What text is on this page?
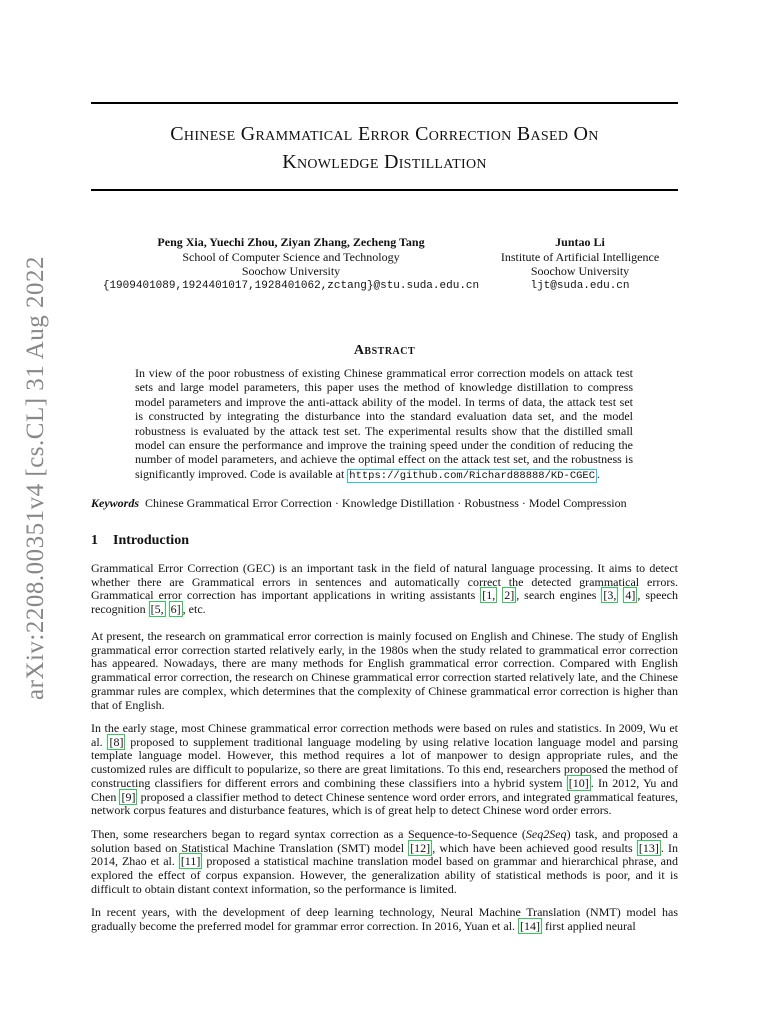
arXiv:2208.00351v4 [cs.CL] 31 Aug 2022
Chinese Grammatical Error Correction Based On
Knowledge Distillation
Peng Xia, Yuechi Zhou, Ziyan Zhang, Zecheng Tang
School of Computer Science and Technology
Soochow University
{1909401089,1924401017,1928401062,zctang}@stu.suda.edu.cn
Juntao Li
Institute of Artificial Intelligence
Soochow University
ljt@suda.edu.cn
Abstract
In view of the poor robustness of existing Chinese grammatical error correction models on attack test sets and large model parameters, this paper uses the method of knowledge distillation to compress model parameters and improve the anti-attack ability of the model. In terms of data, the attack test set is constructed by integrating the disturbance into the standard evaluation data set, and the model robustness is evaluated by the attack test set. The experimental results show that the distilled small model can ensure the performance and improve the training speed under the condition of reducing the number of model parameters, and achieve the optimal effect on the attack test set, and the robustness is significantly improved. Code is available at https://github.com/Richard88888/KD-CGEC .
Keywords Chinese Grammatical Error Correction · Knowledge Distillation · Robustness · Model Compression
1 Introduction
Grammatical Error Correction (GEC) is an important task in the field of natural language processing. It aims to detect whether there are Grammatical errors in sentences and automatically correct the detected grammatical errors. Grammatical error correction has important applications in writing assistants [1, 2] , search engines [3, 4] , speech recognition [5, 6] , etc.
At present, the research on grammatical error correction is mainly focused on English and Chinese. The study of English grammatical error correction started relatively early, in the 1980s when the study related to grammatical error correction has appeared. Nowadays, there are many methods for English grammatical error correction. Compared with English grammatical error correction, the research on Chinese grammatical error correction started relatively late, and the Chinese grammar rules are complex, which determines that the complexity of Chinese grammatical error correction is higher than that of English.
In the early stage, most Chinese grammatical error correction methods were based on rules and statistics. In 2009, Wu et al. [8] proposed to supplement traditional language modeling by using relative location language model and parsing template language model. However, this method requires a lot of manpower to design appropriate rules, and the customized rules are difficult to popularize, so there are great limitations. To this end, researchers proposed the method of constructing classifiers for different errors and combining these classifiers into a hybrid system [10] . In 2012, Yu and Chen [9] proposed a classifier method to detect Chinese sentence word order errors, and integrated grammatical features, network corpus features and disturbance features, which is of great help to detect Chinese word order errors.
Then, some researchers began to regard syntax correction as a Sequence-to-Sequence (Seq2Seq) task, and proposed a solution based on Statistical Machine Translation (SMT) model [12] , which have been achieved good results [13] . In 2014, Zhao et al. [11] proposed a statistical machine translation model based on grammar and hierarchical phrase, and explored the effect of corpus expansion. However, the generalization ability of statistical methods is poor, and it is difficult to obtain distant context information, so the performance is limited.
In recent years, with the development of deep learning technology, Neural Machine Translation (NMT) model has gradually become the preferred model for grammar error correction. In 2016, Yuan et al. [14] first applied neural
